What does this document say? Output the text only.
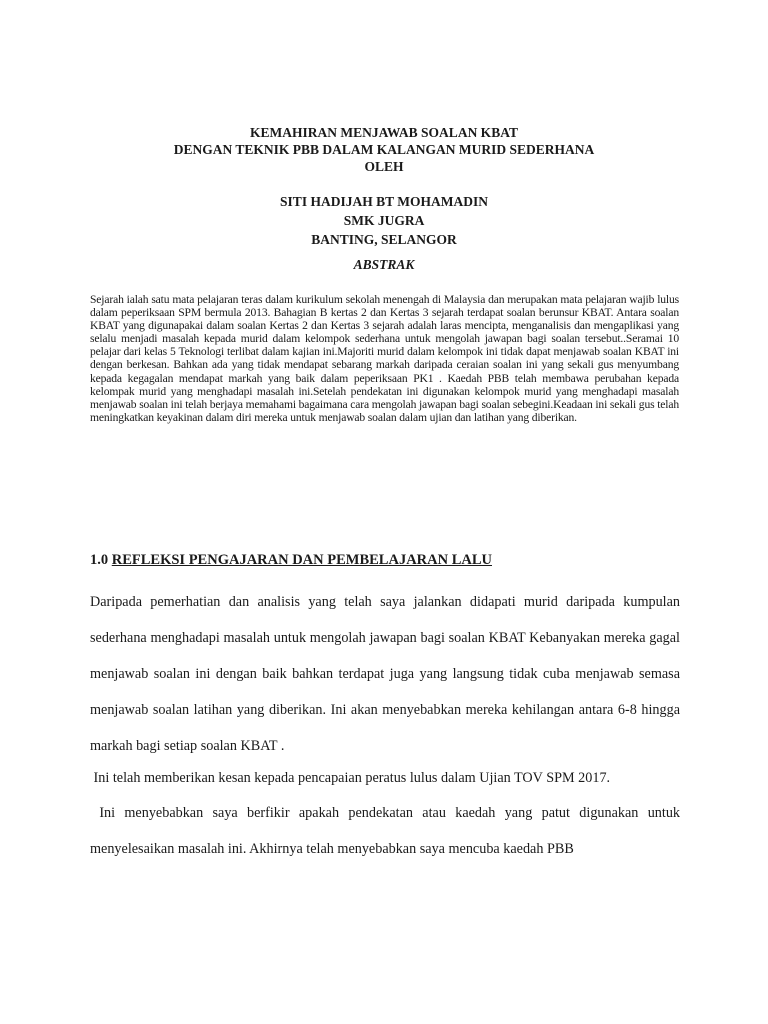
KEMAHIRAN MENJAWAB SOALAN KBAT
DENGAN TEKNIK PBB DALAM KALANGAN MURID SEDERHANA
OLEH
SITI HADIJAH BT MOHAMADIN
SMK JUGRA
BANTING, SELANGOR
ABSTRAK
Sejarah ialah satu mata pelajaran teras dalam kurikulum sekolah menengah di Malaysia dan merupakan mata pelajaran wajib lulus dalam peperiksaan SPM bermula 2013. Bahagian B kertas 2 dan Kertas 3 sejarah terdapat soalan berunsur KBAT. Antara soalan KBAT yang digunapakai dalam soalan Kertas 2 dan Kertas 3 sejarah adalah laras mencipta, menganalisis dan mengaplikasi yang selalu menjadi masalah kepada murid dalam kelompok sederhana untuk mengolah jawapan bagi soalan tersebut..Seramai 10 pelajar dari kelas 5 Teknologi terlibat dalam kajian ini.Majoriti murid dalam kelompok ini tidak dapat menjawab soalan KBAT ini dengan berkesan. Bahkan ada yang tidak mendapat sebarang markah daripada ceraian soalan ini yang sekali gus menyumbang kepada kegagalan mendapat markah yang baik dalam peperiksaan PK1 . Kaedah PBB telah membawa perubahan kepada kelompak murid yang menghadapi masalah ini.Setelah pendekatan ini digunakan kelompok murid yang menghadapi masalah menjawab soalan ini telah berjaya memahami bagaimana cara mengolah jawapan bagi soalan sebegini.Keadaan ini sekali gus telah meningkatkan keyakinan dalam diri mereka untuk menjawab soalan dalam ujian dan latihan yang diberikan.
1.0 REFLEKSI PENGAJARAN DAN PEMBELAJARAN LALU
Daripada pemerhatian dan analisis yang telah saya jalankan didapati murid daripada kumpulan sederhana menghadapi masalah untuk mengolah jawapan bagi soalan KBAT Kebanyakan mereka gagal menjawab soalan ini dengan baik bahkan terdapat juga yang langsung tidak cuba menjawab semasa menjawab soalan latihan yang diberikan. Ini akan menyebabkan mereka kehilangan antara 6-8 hingga markah bagi setiap soalan KBAT .
Ini telah memberikan kesan kepada pencapaian peratus lulus dalam Ujian TOV SPM 2017.
Ini menyebabkan saya berfikir apakah pendekatan atau kaedah yang patut digunakan untuk menyelesaikan masalah ini. Akhirnya telah menyebabkan saya mencuba kaedah PBB
